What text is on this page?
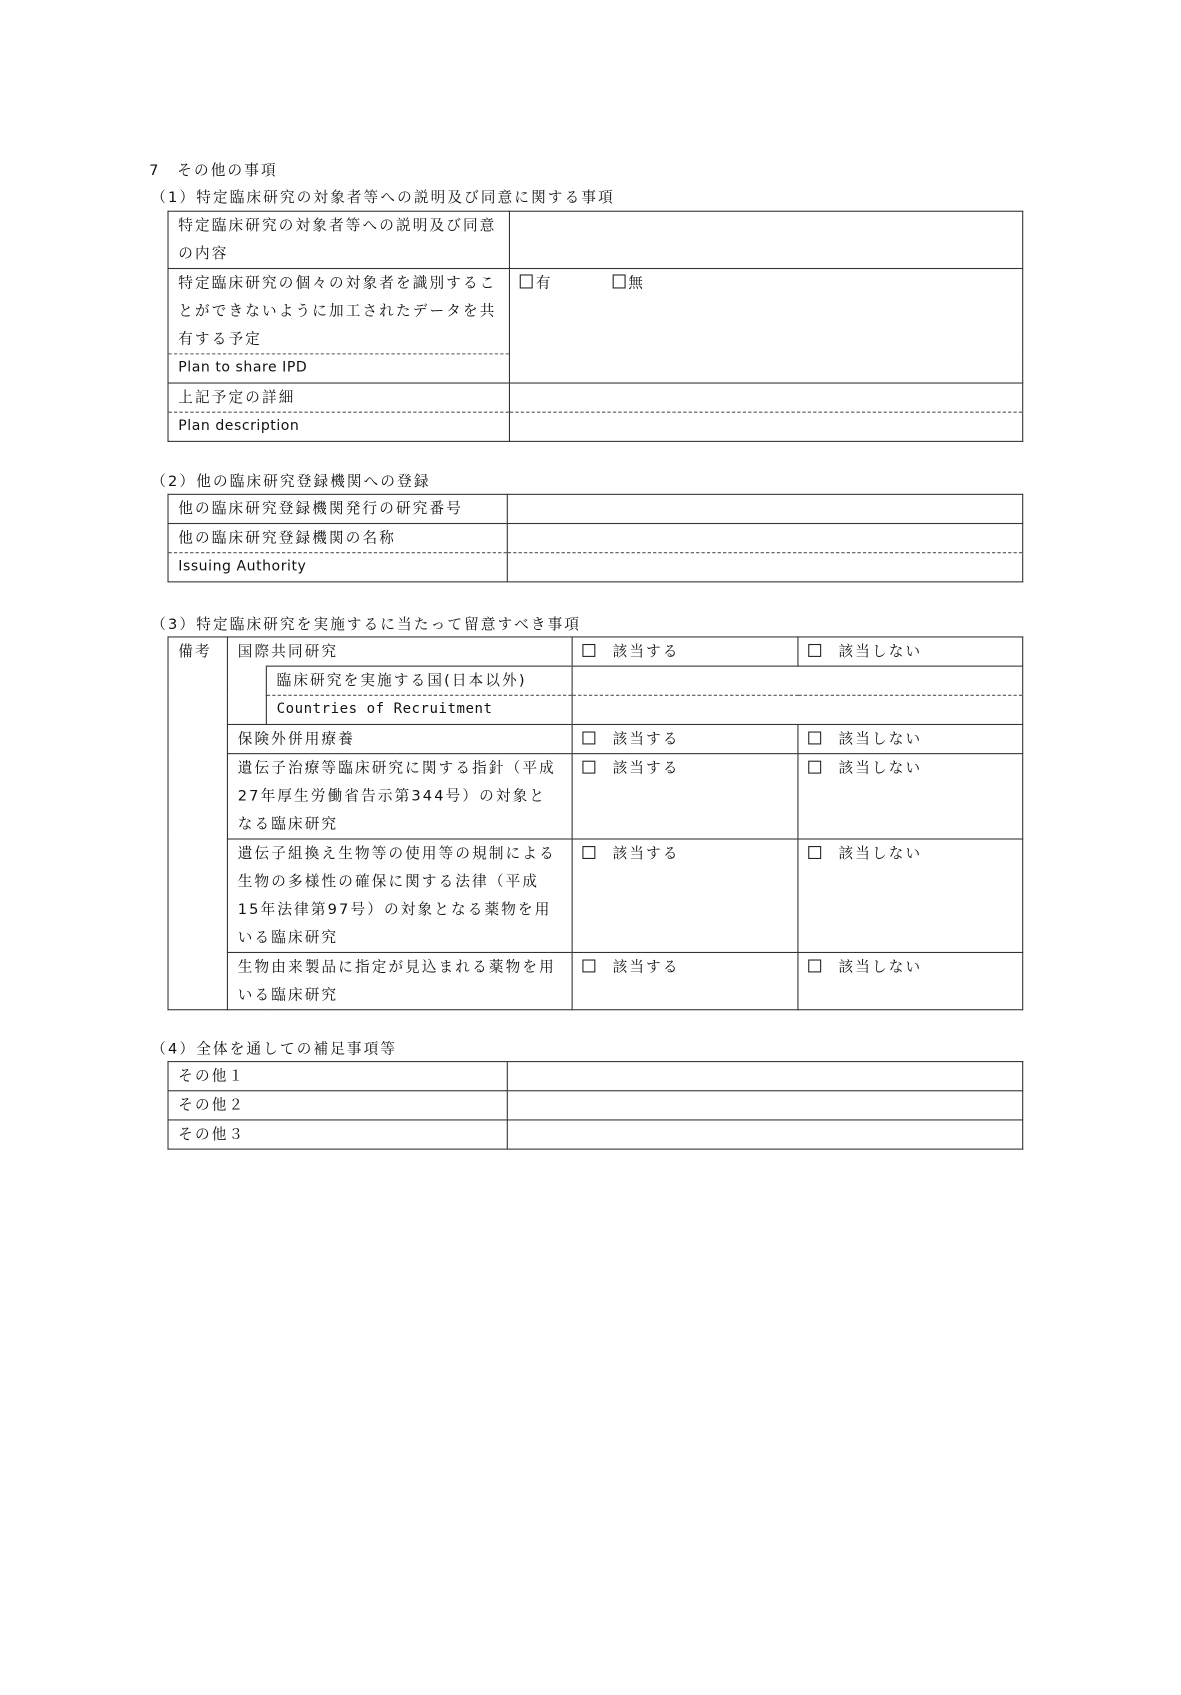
7　その他の事項
（1）特定臨床研究の対象者等への説明及び同意に関する事項
特定臨床研究の対象者等への説明及び同意の内容	
特定臨床研究の個々の対象者を識別することができないように加工されたデータを共有する予定	有 無
Plan to share IPD	
上記予定の詳細	
Plan description	
（2）他の臨床研究登録機関への登録
他の臨床研究登録機関発行の研究番号	
他の臨床研究登録機関の名称	
Issuing Authority	
（3）特定臨床研究を実施するに当たって留意すべき事項
備考	国際共同研究		該当する	該当しない
		臨床研究を実施する国(日本以外)		
		Countries of Recruitment		
	保険外併用療養		該当する	該当しない
	遺伝子治療等臨床研究に関する指針（平成27年厚生労働省告示第344号）の対象となる臨床研究		該当する	該当しない
	遺伝子組換え生物等の使用等の規制による生物の多様性の確保に関する法律（平成15年法律第97号）の対象となる薬物を用いる臨床研究		該当する	該当しない
	生物由来製品に指定が見込まれる薬物を用いる臨床研究		該当する	該当しない
（4）全体を通しての補足事項等
その他１	
その他２	
その他３	
